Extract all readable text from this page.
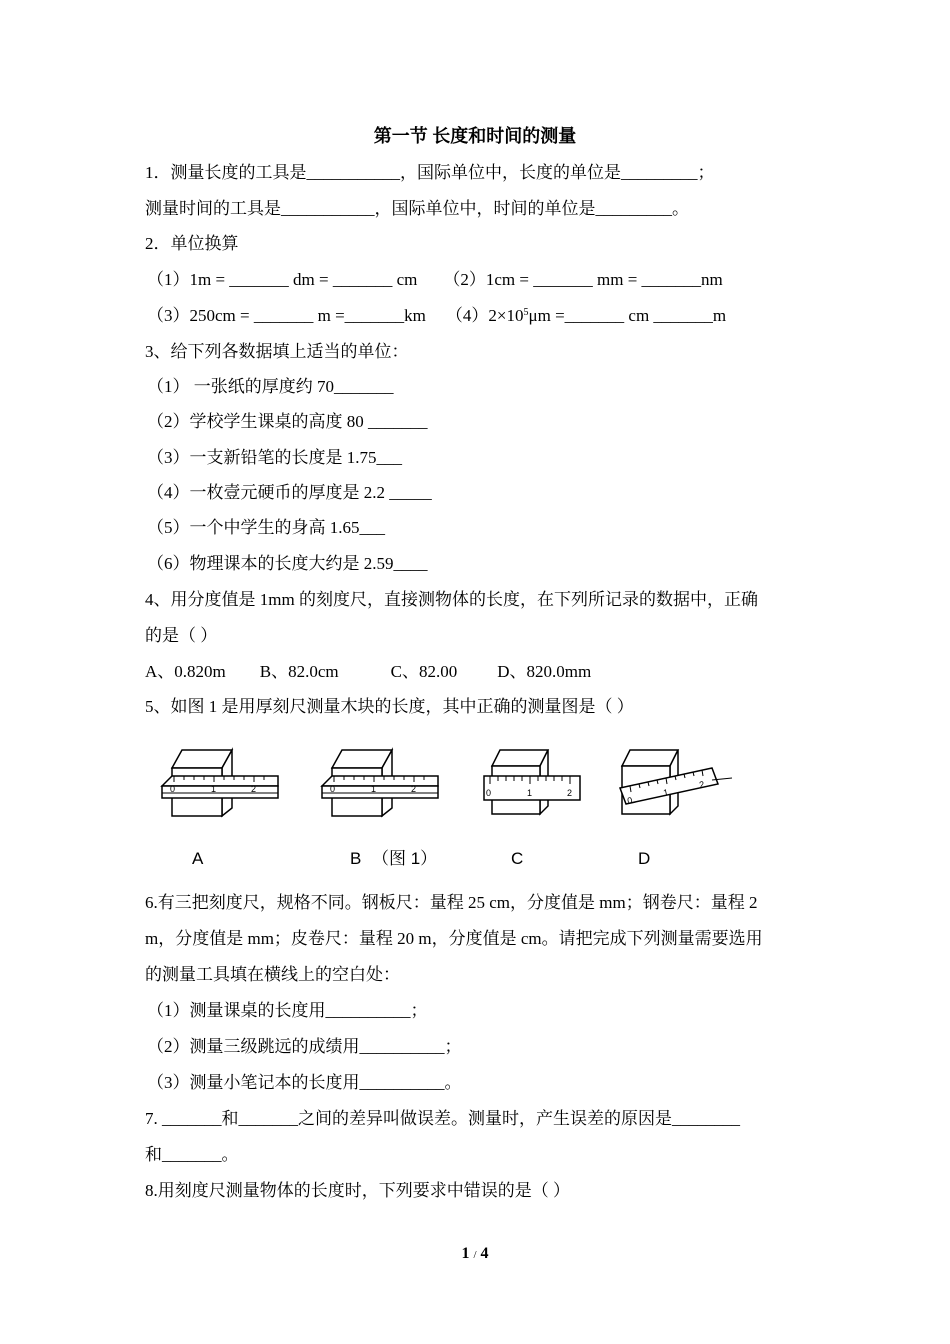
第一节 长度和时间的测量
1．测量长度的工具是___________，国际单位中，长度的单位是_________；
测量时间的工具是___________，国际单位中，时间的单位是_________。
2．单位换算
（1）1m = _______ dm = _______ cm （2）1cm = _______ mm = _______nm
（3）250cm = _______ m =_______km $(4)2\times 10^5\mu m$ =_______ cm _______m
3、给下列各数据填上适当的单位：
（1） 一张纸的厚度约 70_______
（2）学校学生课桌的高度 80 _______
（3）一支新铅笔的长度是 1.75___
（4）一枚壹元硬币的厚度是 2.2 _____
（5）一个中学生的身高 1.65___
（6）物理课本的长度大约是 2.59____
4、用分度值是 1mm 的刻度尺，直接测物体的长度，在下列所记录的数据中，正确
的是（ ）
A、0.820m B、82.0cm	C、82.00 D、820.0mm
5、如图 1 是用厚刻尺测量木块的长度，其中正确的测量图是（ ）
0	1	2	0	1	2	0	1	2
0
1
2
A	B （图 1）	C	D
6.有三把刻度尺，规格不同。钢板尺：量程 25 cm，分度值是 mm；钢卷尺：量程 2
m，分度值是 mm；皮卷尺：量程 20 m，分度值是 cm。请把完成下列测量需要选用
的测量工具填在横线上的空白处：
（1）测量课桌的长度用__________；
（2）测量三级跳远的成绩用__________；
（3）测量小笔记本的长度用__________。
7. _______和_______之间的差异叫做误差。测量时，产生误差的原因是________
和_______。
8.用刻度尺测量物体的长度时，下列要求中错误的是（ ）
1 / 4
